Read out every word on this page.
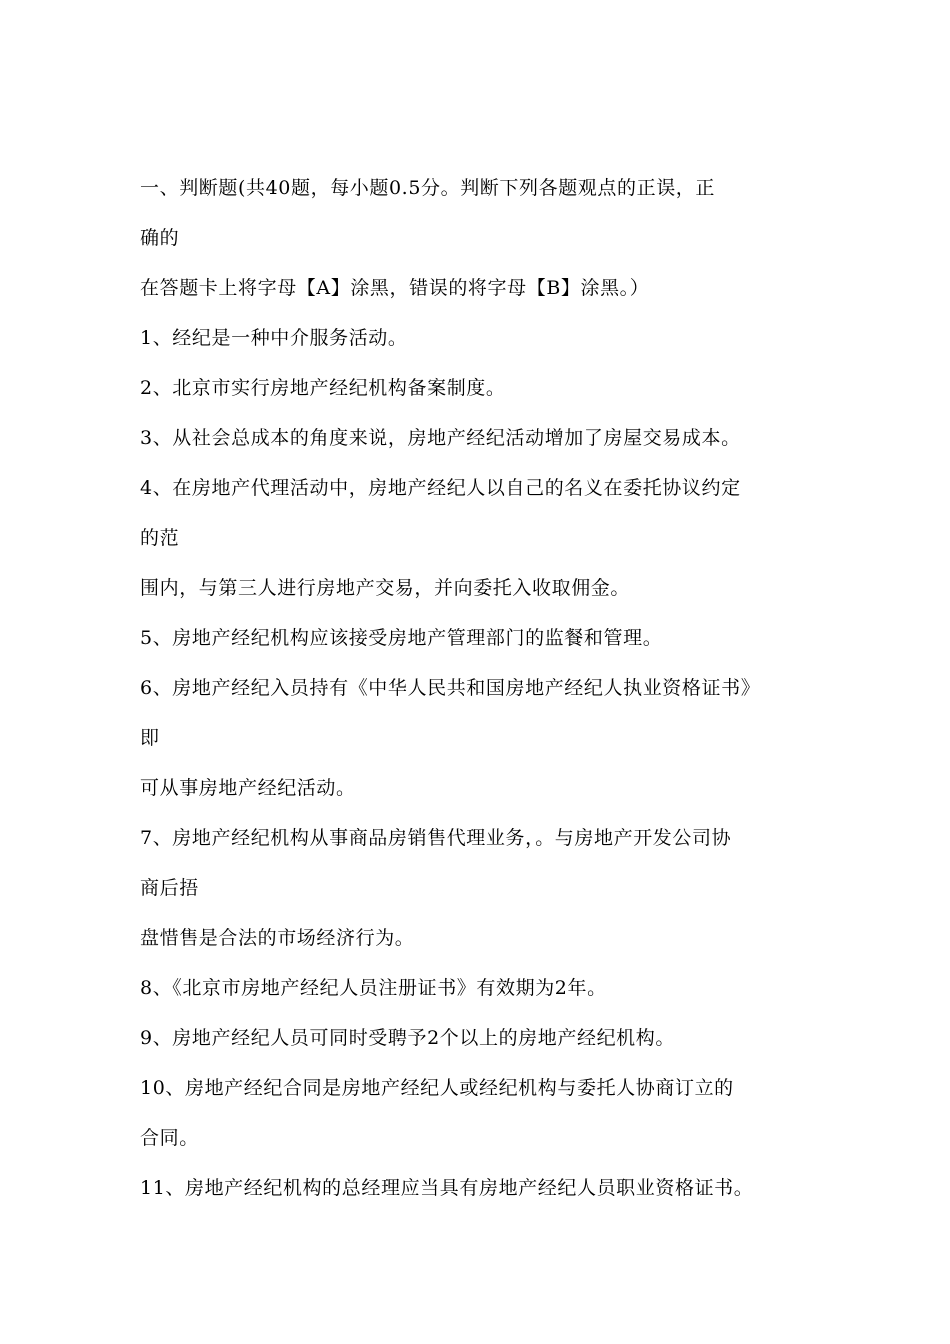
一、判断题(共40题，每小题0.5分。判断下列各题观点的正误，正
确的
在答题卡上将字母【A】涂黑，错误的将字母【B】涂黑。）
1、经纪是一种中介服务活动。
2、北京市实行房地产经纪机构备案制度。
3、从社会总成本的角度来说，房地产经纪活动增加了房屋交易成本。
4、在房地产代理活动中，房地产经纪人以自己的名义在委托协议约定
的范
围内，与第三人进行房地产交易，并向委托入收取佣金。
5、房地产经纪机构应该接受房地产管理部门的监餐和管理。
6、房地产经纪入员持有《中华人民共和国房地产经纪人执业资格证书》
即
可从事房地产经纪活动。
7、房地产经纪机构从事商品房销售代理业务，。与房地产开发公司协
商后捂
盘惜售是合法的市场经济行为。
8、《北京市房地产经纪人员注册证书》有效期为2年。
9、房地产经纪人员可同时受聘予2个以上的房地产经纪机构。
10、房地产经纪合同是房地产经纪人或经纪机构与委托人协商订立的
合同。
11、房地产经纪机构的总经理应当具有房地产经纪人员职业资格证书。
